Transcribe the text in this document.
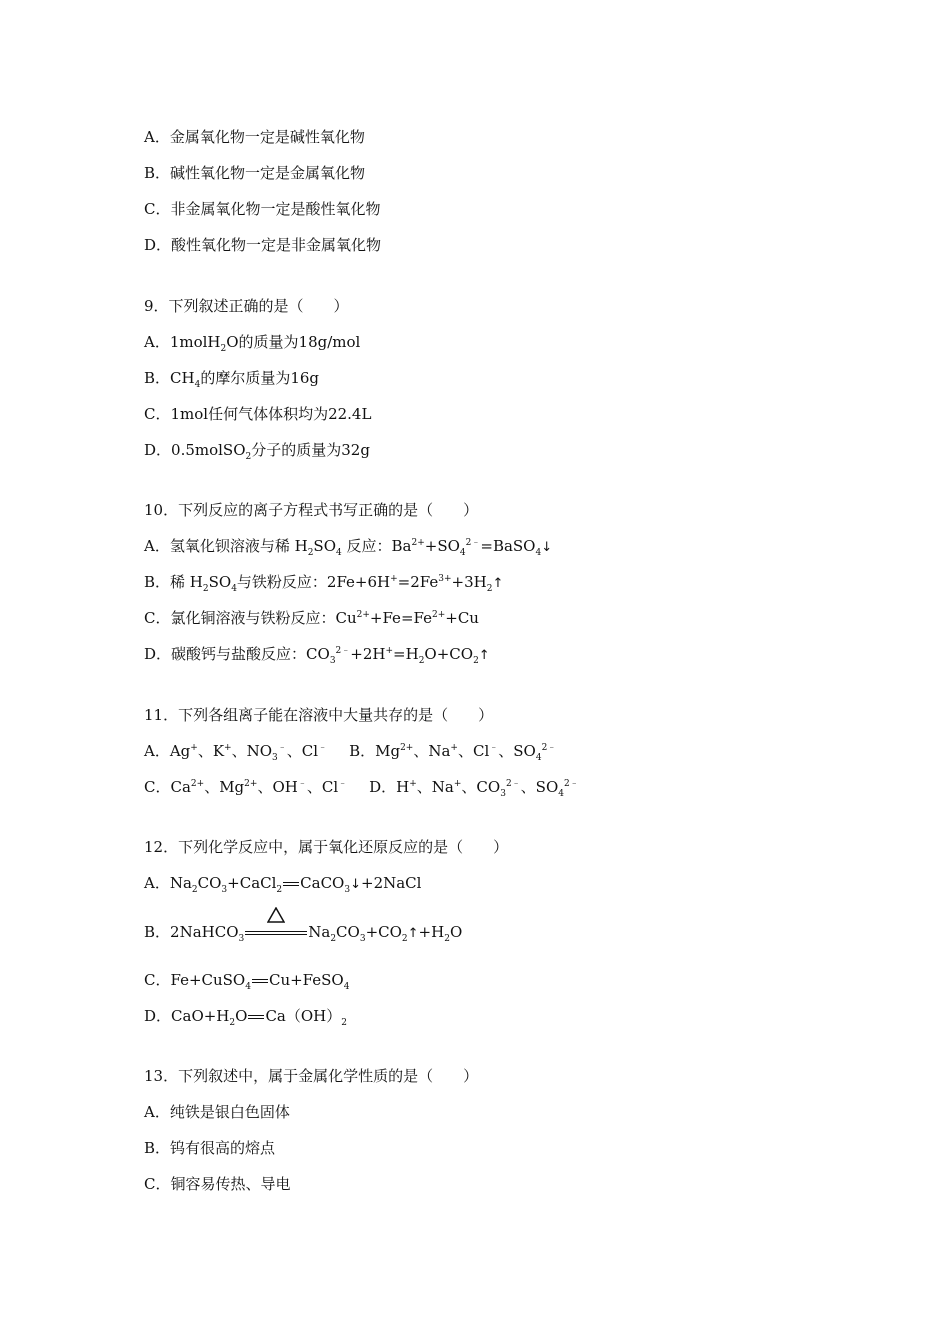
A．金属氧化物一定是碱性氧化物
B．碱性氧化物一定是金属氧化物
C．非金属氧化物一定是酸性氧化物
D．酸性氧化物一定是非金属氧化物
9．下列叙述正确的是（　　）
A．1molH$_2$O的质量为18g/mol
B．$CH_4$的摩尔质量为16g
C．1mol任何气体体积均为22.4L
D．0.5molSO$_2$分子的质量为32g
10．下列反应的离子方程式书写正确的是（　　）
A．氢氧化钡溶液与稀 $H_2SO_4$ 反应：$Ba^{2+}+SO_4^{2﹣}=BaSO_4↓$
B．稀 $H_2SO_4$与铁粉反应：$2Fe+6H^+=2Fe^{3+}+3H_2↑$
C．氯化铜溶液与铁粉反应：$Cu^{2+}+Fe=Fe^{2+}+Cu$
D．碳酸钙与盐酸反应：$CO_3^{2﹣}+2H^+=H_2O+CO_2↑$
11．下列各组离子能在溶液中大量共存的是（　　）
A．Ag+、K+、$NO_3^﹣$、Cl﹣ B．$Mg^{2+}$、Na+、Cl﹣、$SO_4^{2﹣}$
C．$Ca^{2+}$、$Mg^{2+}$、OH﹣、Cl﹣ D．H+、Na+、$CO_3^{2﹣}$、$SO_4^{2﹣}$
12．下列化学反应中，属于氧化还原反应的是（　　）
A．$Na_2CO_3+CaCl_2$ CaCO$_3$↓+2NaCl
B．2NaHCO$_3$	$Na_2CO_3+CO_2↑+H_2O$
C．Fe+CuSO$_4$ Cu+FeSO$_4$
D．$CaO+H_2O$ $Ca(OH)_2$
13．下列叙述中，属于金属化学性质的是（　　）
A．纯铁是银白色固体
B．钨有很高的熔点
C．铜容易传热、导电
